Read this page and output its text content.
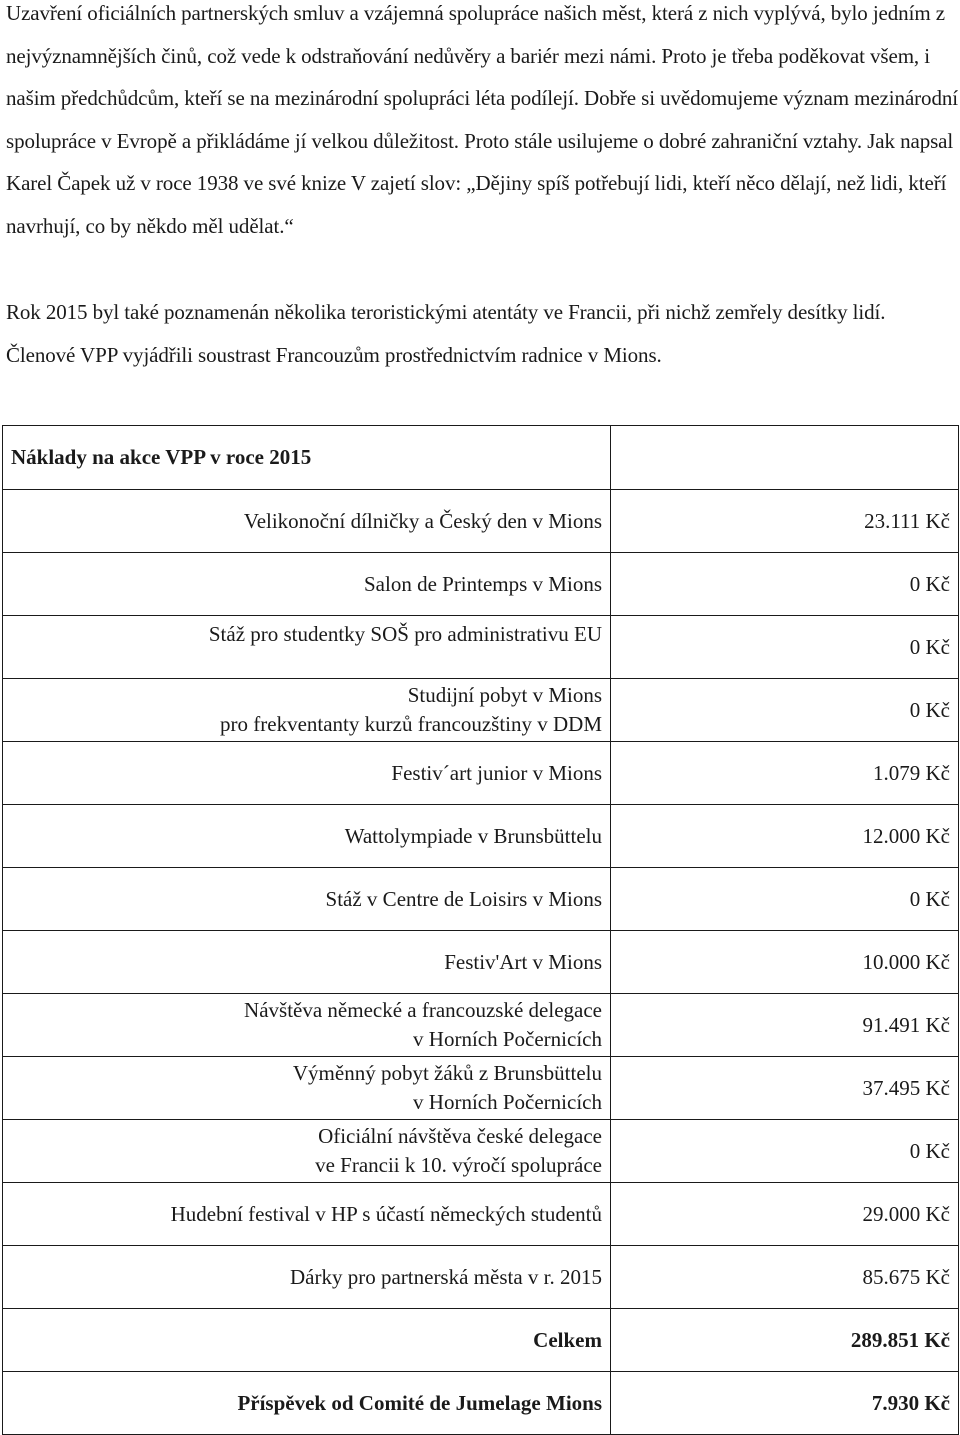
Uzavření oficiálních partnerských smluv a vzájemná spolupráce našich měst, která z nich vyplývá, bylo jedním z nejvýznamnějších činů, což vede k odstraňování nedůvěry a bariér mezi námi. Proto je třeba poděkovat všem, i našim předchůdcům, kteří se na mezinárodní spolupráci léta podílejí. Dobře si uvědomujeme význam mezinárodní spolupráce v Evropě a přikládáme jí velkou důležitost. Proto stále usilujeme o dobré zahraniční vztahy. Jak napsal Karel Čapek už v roce 1938 ve své knize V zajetí slov: „Dějiny spíš potřebují lidi, kteří něco dělají, než lidi, kteří navrhují, co by někdo měl udělat.“
Rok 2015 byl také poznamenán několika teroristickými atentáty ve Francii, při nichž zemřely desítky lidí. Členové VPP vyjádřili soustrast Francouzům prostřednictvím radnice v Mions.
Náklady na akce VPP v roce 2015	
Velikonoční dílničky a Český den v Mions	23.111 Kč
Salon de Printemps v Mions	0 Kč
Stáž pro studentky SOŠ pro administrativu EU	0 Kč

Studijní pobyt v Mions
pro frekventanty kurzů francouzštiny v DDM	0 Kč
Festiv´art junior v Mions	1.079 Kč
Wattolympiade v Brunsbüttelu	12.000 Kč
Stáž v Centre de Loisirs v Mions	0 Kč
Festiv'Art v Mions	10.000 Kč

Návštěva německé a francouzské delegace
v Horních Počernicích	91.491 Kč

Výměnný pobyt žáků z Brunsbüttelu
v Horních Počernicích	37.495 Kč

Oficiální návštěva české delegace
ve Francii k 10. výročí spolupráce	0 Kč
Hudební festival v HP s účastí německých studentů	29.000 Kč
Dárky pro partnerská města v r. 2015	85.675 Kč
Celkem	289.851 Kč
Příspěvek od Comité de Jumelage Mions	7.930 Kč
